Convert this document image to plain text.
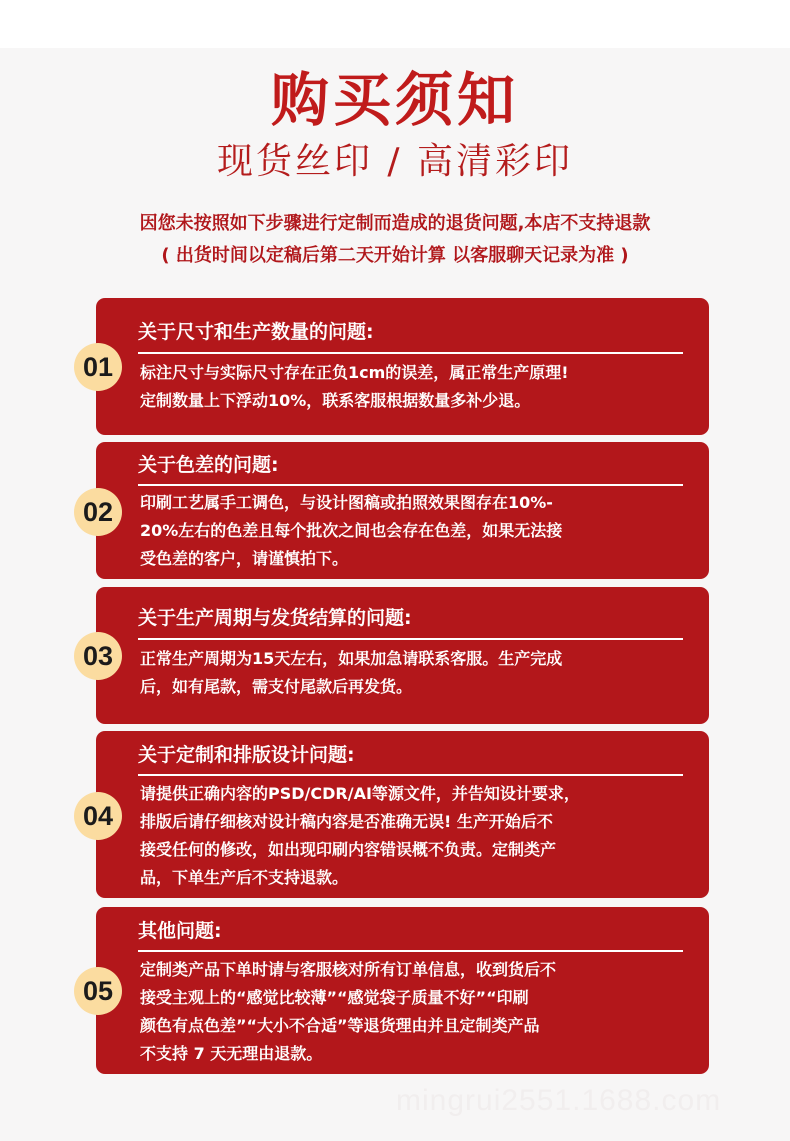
购买须知
现货丝印 / 高清彩印
因您未按照如下步骤进行定制而造成的退货问题,本店不支持退款
( 出货时间以定稿后第二天开始计算 以客服聊天记录为准 )
关于尺寸和生产数量的问题:
标注尺寸与实际尺寸存在正负1cm的误差，属正常生产原理!
定制数量上下浮动10%，联系客服根据数量多补少退。
01
关于色差的问题:
印刷工艺属手工调色，与设计图稿或拍照效果图存在10%-
20%左右的色差且每个批次之间也会存在色差，如果无法接
受色差的客户，请谨慎拍下。
02
关于生产周期与发货结算的问题:
正常生产周期为15天左右，如果加急请联系客服。生产完成
后，如有尾款，需支付尾款后再发货。
03
关于定制和排版设计问题:
请提供正确内容的PSD/CDR/AI等源文件，并告知设计要求，
排版后请仔细核对设计稿内容是否准确无误! 生产开始后不
接受任何的修改，如出现印刷内容错误概不负责。定制类产
品，下单生产后不支持退款。
04
其他问题:
定制类产品下单时请与客服核对所有订单信息，收到货后不
接受主观上的“感觉比较薄”“感觉袋子质量不好”“印刷
颜色有点色差”“大小不合适”等退货理由并且定制类产品
不支持 7 天无理由退款。
05
mingrui2551.1688.com
